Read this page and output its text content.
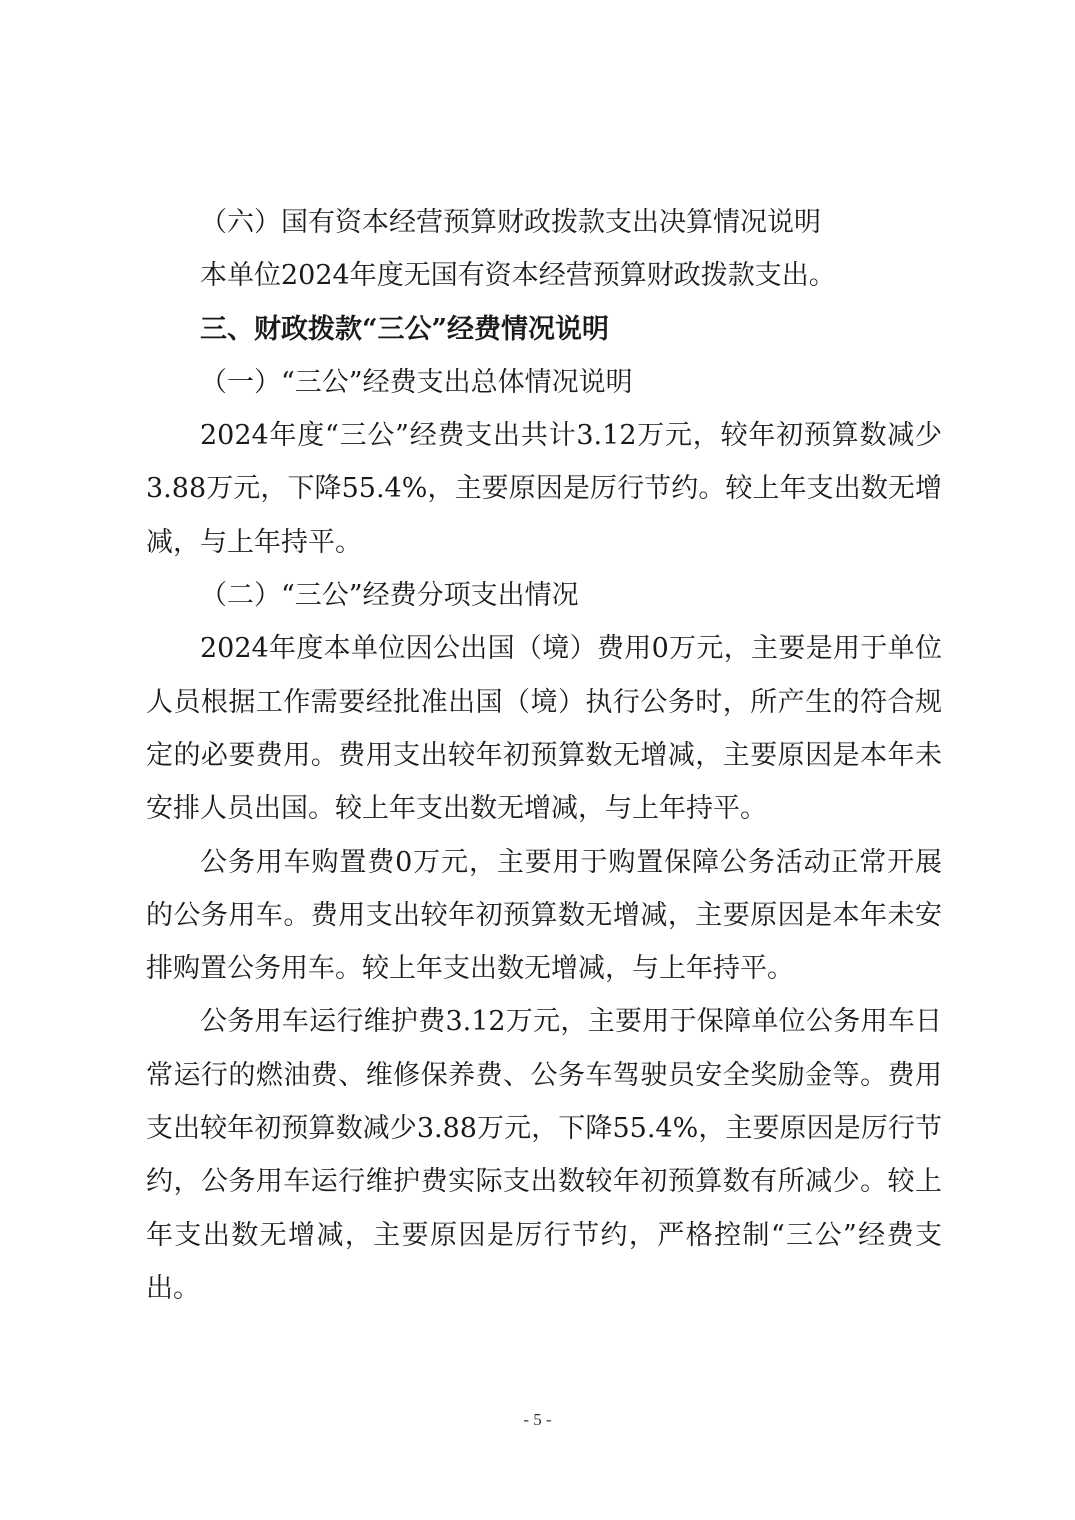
（六）国有资本经营预算财政拨款支出决算情况说明

本单位2024年度无国有资本经营预算财政拨款支出。

三、财政拨款“三公”经费情况说明

（一）“三公”经费支出总体情况说明

2024年度“三公”经费支出共计3.12万元，较年初预算数减少3.88万元，下降55.4%，主要原因是厉行节约。较上年支出数无增减，与上年持平。

（二）“三公”经费分项支出情况

2024年度本单位因公出国（境）费用0万元，主要是用于单位人员根据工作需要经批准出国（境）执行公务时，所产生的符合规定的必要费用。费用支出较年初预算数无增减，主要原因是本年未安排人员出国。较上年支出数无增减，与上年持平。

公务用车购置费0万元，主要用于购置保障公务活动正常开展的公务用车。费用支出较年初预算数无增减，主要原因是本年未安排购置公务用车。较上年支出数无增减，与上年持平。

公务用车运行维护费3.12万元，主要用于保障单位公务用车日常运行的燃油费、维修保养费、公务车驾驶员安全奖励金等。费用支出较年初预算数减少3.88万元，下降55.4%，主要原因是厉行节约，公务用车运行维护费实际支出数较年初预算数有所减少。较上年支出数无增减，主要原因是厉行节约，严格控制“三公”经费支出。

- 5 -
